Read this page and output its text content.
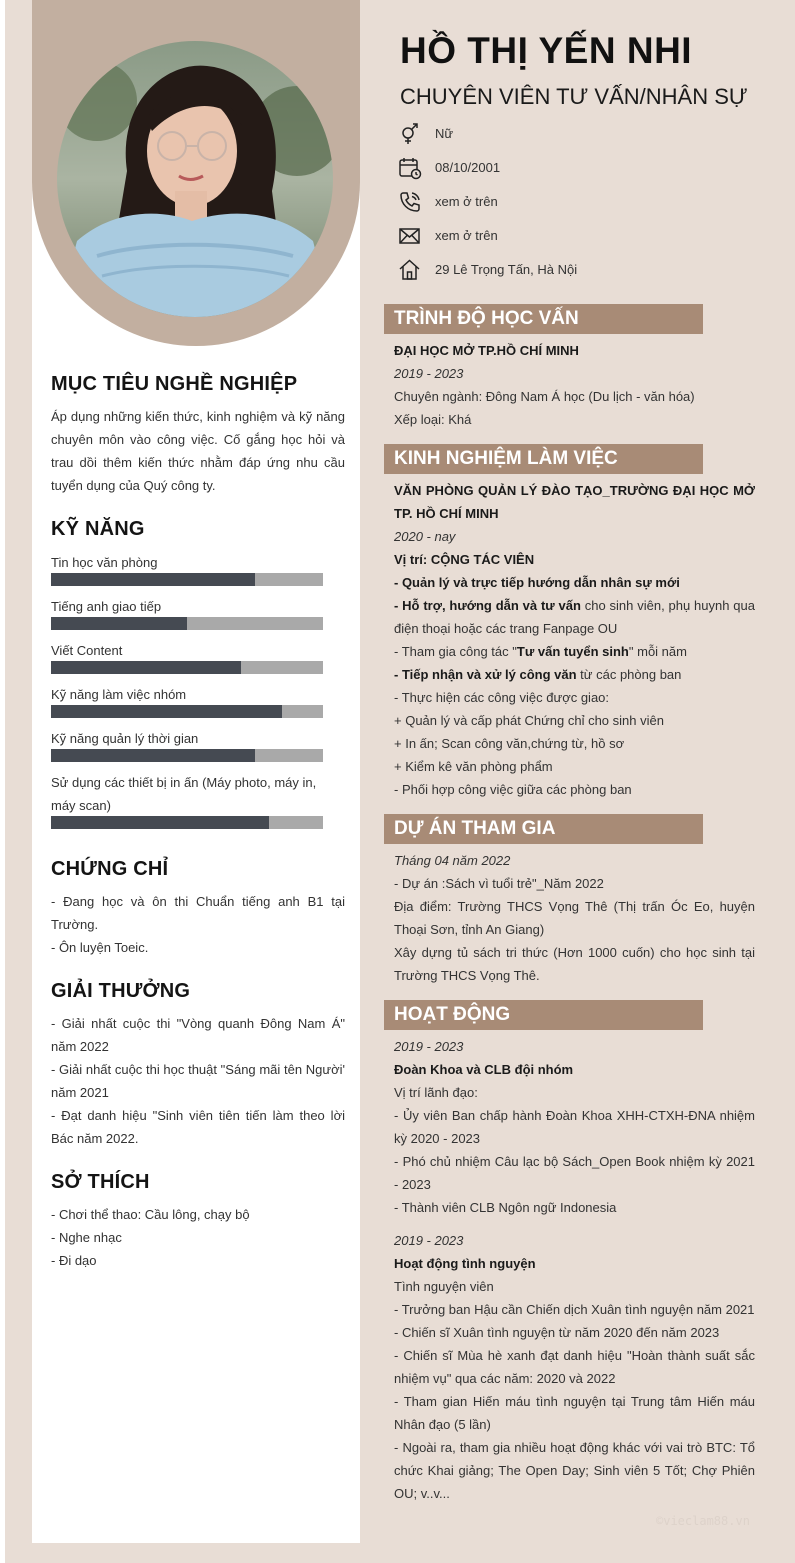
MỤC TIÊU NGHỀ NGHIỆP
Áp dụng những kiến thức, kinh nghiệm và kỹ năng chuyên môn vào công việc. Cố gắng học hỏi và trau dồi thêm kiến thức nhằm đáp ứng nhu cầu tuyển dụng của Quý công ty.
KỸ NĂNG
Tin học văn phòng
Tiếng anh giao tiếp
Viết Content
Kỹ năng làm việc nhóm
Kỹ năng quản lý thời gian
Sử dụng các thiết bị in ấn (Máy photo, máy in, máy scan)
CHỨNG CHỈ
- Đang học và ôn thi Chuẩn tiếng anh B1 tại Trường.
- Ôn luyện Toeic.
GIẢI THƯỞNG
- Giải nhất cuộc thi "Vòng quanh Đông Nam Á" năm 2022
- Giải nhất cuộc thi học thuật "Sáng mãi tên Người' năm 2021
- Đạt danh hiệu "Sinh viên tiên tiến làm theo lời Bác năm 2022.
SỞ THÍCH
- Chơi thể thao: Cầu lông, chạy bộ
- Nghe nhạc
- Đi dạo
HỒ THỊ YẾN NHI
CHUYÊN VIÊN TƯ VẤN/NHÂN SỰ
Nữ
08/10/2001
xem ở trên
xem ở trên
29 Lê Trọng Tấn, Hà Nội
TRÌNH ĐỘ HỌC VẤN
ĐẠI HỌC MỞ TP.HỒ CHÍ MINH
2019 - 2023
Chuyên ngành: Đông Nam Á học (Du lịch - văn hóa)
Xếp loại: Khá
KINH NGHIỆM LÀM VIỆC
VĂN PHÒNG QUẢN LÝ ĐÀO TẠO_TRƯỜNG ĐẠI HỌC MỞ TP. HỒ CHÍ MINH
2020 - nay
Vị trí: CỘNG TÁC VIÊN
- Quản lý và trực tiếp hướng dẫn nhân sự mới
- Hỗ trợ, hướng dẫn và tư vấn cho sinh viên, phụ huynh qua điện thoại hoặc các trang Fanpage OU
- Tham gia công tác "Tư vấn tuyển sinh" mỗi năm
- Tiếp nhận và xử lý công văn từ các phòng ban
- Thực hiện các công việc được giao:
+ Quản lý và cấp phát Chứng chỉ cho sinh viên
+ In ấn; Scan công văn,chứng từ, hồ sơ
+ Kiểm kê văn phòng phẩm
- Phối hợp công việc giữa các phòng ban
DỰ ÁN THAM GIA
Tháng 04 năm 2022
- Dự án :Sách vì tuổi trẻ"_Năm 2022
Địa điểm: Trường THCS Vọng Thê (Thị trấn Óc Eo, huyện Thoại Sơn, tỉnh An Giang)
Xây dựng tủ sách tri thức (Hơn 1000 cuốn) cho học sinh tại Trường THCS Vọng Thê.
HOẠT ĐỘNG
2019 - 2023
Đoàn Khoa và CLB đội nhóm
Vị trí lãnh đạo:
- Ủy viên Ban chấp hành Đoàn Khoa XHH-CTXH-ĐNA nhiệm kỳ 2020 - 2023
- Phó chủ nhiệm Câu lạc bộ Sách_Open Book nhiệm kỳ 2021 - 2023
- Thành viên CLB Ngôn ngữ Indonesia
2019 - 2023
Hoạt động tình nguyện
Tình nguyện viên
- Trưởng ban Hậu cần Chiến dịch Xuân tình nguyện năm 2021
- Chiến sĩ Xuân tình nguyện từ năm 2020 đến năm 2023
- Chiến sĩ Mùa hè xanh đạt danh hiệu "Hoàn thành suất sắc nhiệm vụ" qua các năm: 2020 và 2022
- Tham gian Hiến máu tình nguyện tại Trung tâm Hiến máu Nhân đạo (5 lần)
- Ngoài ra, tham gia nhiều hoạt động khác với vai trò BTC: Tổ chức Khai giảng; The Open Day; Sinh viên 5 Tốt; Chợ Phiên OU; v..v...
©vieclam88.vn
